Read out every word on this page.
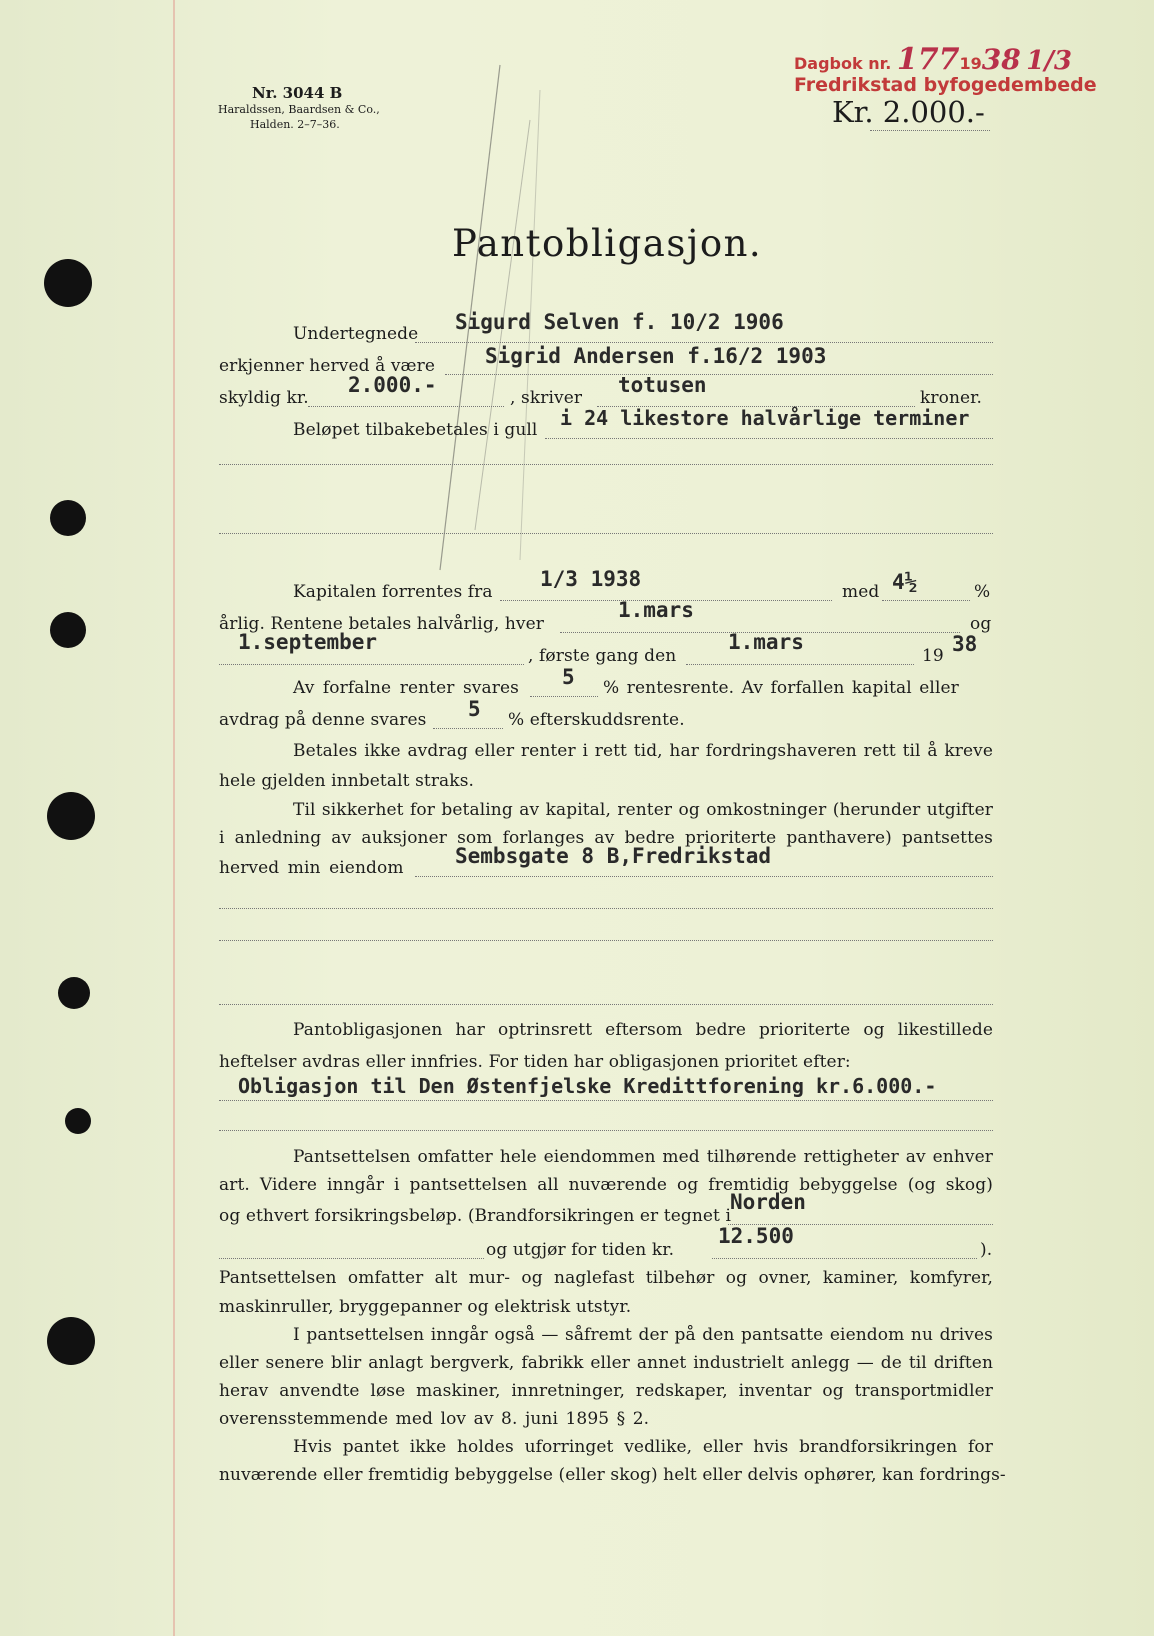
Nr. 3044 B
Haraldssen, Baardsen & Co.,
Halden. 2–7–36.
Dagbok nr. 1771938 1/3
Fredrikstad byfogedembede
Kr. 2.000.-
Pantobligasjon.
Undertegnede Sigurd Selven f. 10/2 1906
erkjenner herved å være Sigrid Andersen f.16/2 1903
skyldig kr.
2.000.-
, skriver
totusen
kroner.
Beløpet tilbakebetales i gull i 24 likestore halvårlige terminer
Kapitalen forrentes fra
1/3 1938
med 4½	%
årlig. Rentene betales halvårlig, hver
1.mars
og
1.september
, første gang den
1.mars
19 38
Av forfalne renter svares 5 % rentesrente. Av forfallen kapital eller
avdrag på denne svares 5 % efterskuddsrente.
Betales ikke avdrag eller renter i rett tid, har fordringshaveren rett til å kreve
hele gjelden innbetalt straks.
Til sikkerhet for betaling av kapital, renter og omkostninger (herunder utgifter
i anledning av auksjoner som forlanges av bedre prioriterte panthavere) pantsettes
herved min eiendom Sembsgate 8 B,Fredrikstad
Pantobligasjonen har optrinsrett eftersom bedre prioriterte og likestillede
heftelser avdras eller innfries. For tiden har obligasjonen prioritet efter:
Obligasjon til Den Østenfjelske Kredittforening kr.6.000.-
Pantsettelsen omfatter hele eiendommen med tilhørende rettigheter av enhver
art. Videre inngår i pantsettelsen all nuværende og fremtidig bebyggelse (og skog)
og ethvert forsikringsbeløp. (Brandforsikringen er tegnet i
Norden
og utgjør for tiden kr.
12.500
).
Pantsettelsen omfatter alt mur- og naglefast tilbehør og ovner, kaminer, komfyrer,
maskinruller, bryggepanner og elektrisk utstyr.
I pantsettelsen inngår også — såfremt der på den pantsatte eiendom nu drives
eller senere blir anlagt bergverk, fabrikk eller annet industrielt anlegg — de til driften
herav anvendte løse maskiner, innretninger, redskaper, inventar og transportmidler
overensstemmende med lov av 8. juni 1895 § 2.
Hvis pantet ikke holdes uforringet vedlike, eller hvis brandforsikringen for
nuværende eller fremtidig bebyggelse (eller skog) helt eller delvis ophører, kan fordrings-
